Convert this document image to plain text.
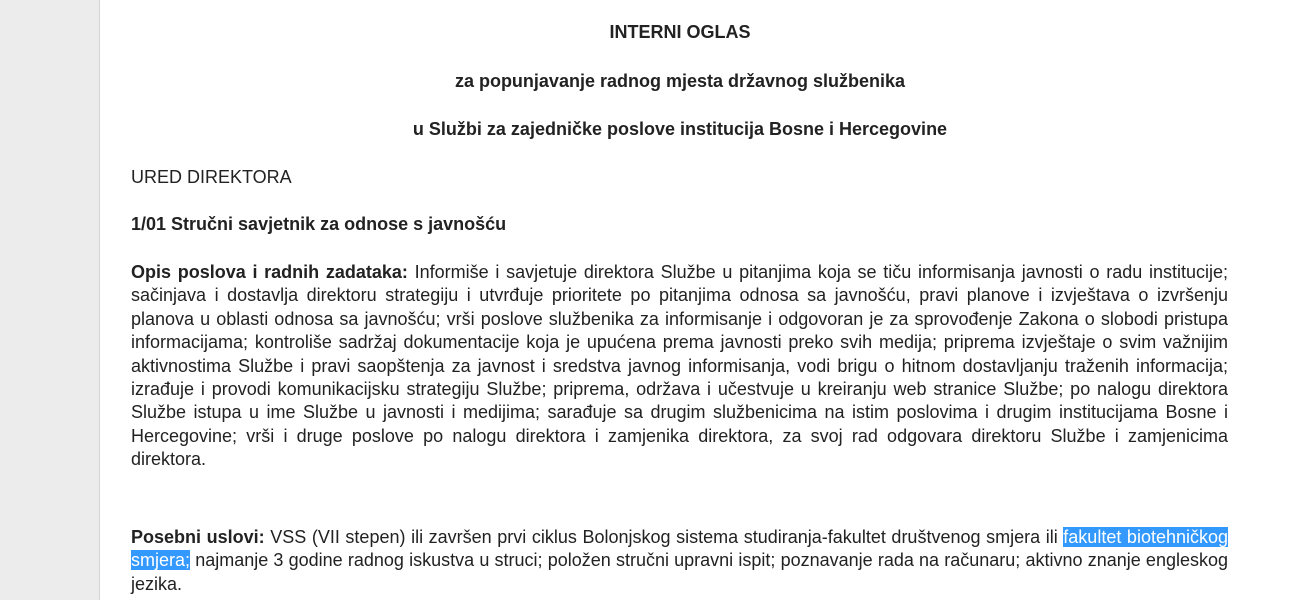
INTERNI OGLAS
za popunjavanje radnog mjesta državnog službenika
u Službi za zajedničke poslove institucija Bosne i Hercegovine
URED DIREKTORA
1/01 Stručni savjetnik za odnose s javnošću
Opis poslova i radnih zadataka: Informiše i savjetuje direktora Službe u pitanjima koja se tiču informisanja javnosti o radu institucije; sačinjava i dostavlja direktoru strategiju i utvrđuje prioritete po pitanjima odnosa sa javnošću, pravi planove i izvještava o izvršenju planova u oblasti odnosa sa javnošću; vrši poslove službenika za informisanje i odgovoran je za sprovođenje Zakona o slobodi pristupa informacijama; kontroliše sadržaj dokumentacije koja je upućena prema javnosti preko svih medija; priprema izvještaje o svim važnijim aktivnostima Službe i pravi saopštenja za javnost i sredstva javnog informisanja, vodi brigu o hitnom dostavljanju traženih informacija; izrađuje i provodi komunikacijsku strategiju Službe; priprema, održava i učestvuje u kreiranju web stranice Službe; po nalogu direktora Službe istupa u ime Službe u javnosti i medijima; sarađuje sa drugim službenicima na istim poslovima i drugim institucijama Bosne i Hercegovine; vrši i druge poslove po nalogu direktora i zamjenika direktora, za svoj rad odgovara direktoru Službe i zamjenicima direktora.
Posebni uslovi: VSS (VII stepen) ili završen prvi ciklus Bolonjskog sistema studiranja-fakultet društvenog smjera ili fakultet biotehničkog smjera; najmanje 3 godine radnog iskustva u struci; položen stručni upravni ispit; poznavanje rada na računaru; aktivno znanje engleskog jezika.
